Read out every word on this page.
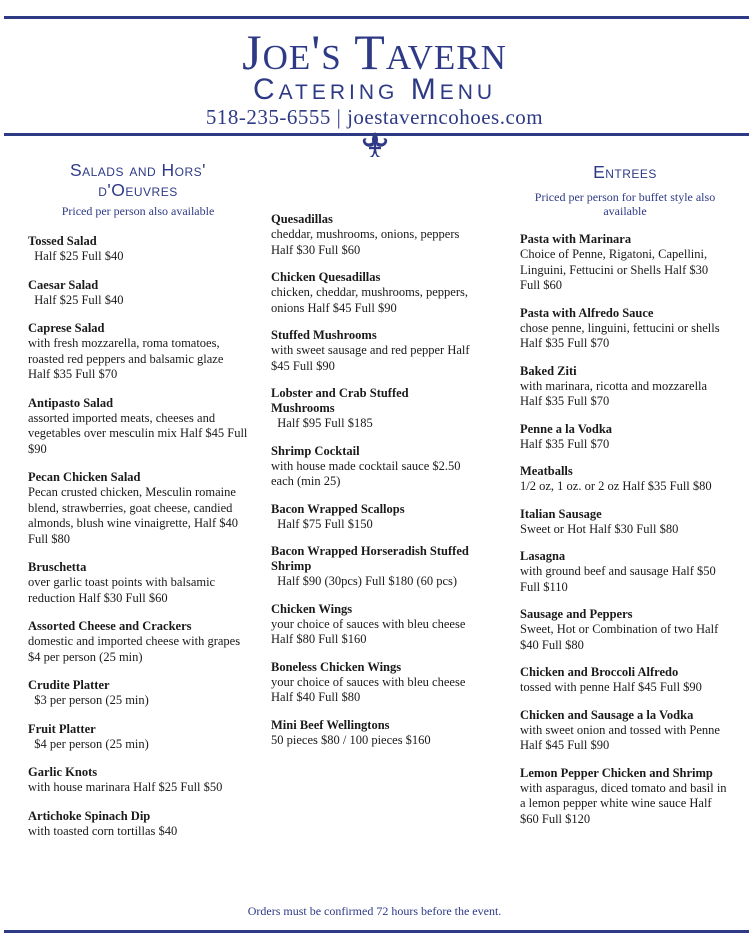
Joe's Tavern
Catering Menu
518-235-6555 | joestaverncohoes.com
Salads and Hors' d'Oeuvres
Priced per person also available
Tossed Salad
Half $25 Full $40
Caesar Salad
Half $25 Full $40
Caprese Salad
with fresh mozzarella, roma tomatoes, roasted red peppers and balsamic glaze Half $35 Full $70
Antipasto Salad
assorted imported meats, cheeses and vegetables over mesculin mix Half $45 Full $90
Pecan Chicken Salad
Pecan crusted chicken, Mesculin romaine blend, strawberries, goat cheese, candied almonds, blush wine vinaigrette, Half $40 Full $80
Bruschetta
over garlic toast points with balsamic reduction Half $30 Full $60
Assorted Cheese and Crackers
domestic and imported cheese with grapes $4 per person (25 min)
Crudite Platter
$3 per person (25 min)
Fruit Platter
$4 per person (25 min)
Garlic Knots
with house marinara Half $25 Full $50
Artichoke Spinach Dip
with toasted corn tortillas $40
Quesadillas
cheddar, mushrooms, onions, peppers Half $30 Full $60
Chicken Quesadillas
chicken, cheddar, mushrooms, peppers, onions Half $45 Full $90
Stuffed Mushrooms
with sweet sausage and red pepper Half $45 Full $90
Lobster and Crab Stuffed Mushrooms
Half $95 Full $185
Shrimp Cocktail
with house made cocktail sauce $2.50 each (min 25)
Bacon Wrapped Scallops
Half $75 Full $150
Bacon Wrapped Horseradish Stuffed Shrimp
Half $90 (30pcs) Full $180 (60 pcs)
Chicken Wings
your choice of sauces with bleu cheese Half $80 Full $160
Boneless Chicken Wings
your choice of sauces with bleu cheese Half $40 Full $80
Mini Beef Wellingtons
50 pieces $80 / 100 pieces $160
Entrees
Priced per person for buffet style also available
Pasta with Marinara
Choice of Penne, Rigatoni, Capellini, Linguini, Fettucini or Shells Half $30 Full $60
Pasta with Alfredo Sauce
chose penne, linguini, fettucini or shells Half $35 Full $70
Baked Ziti
with marinara, ricotta and mozzarella Half $35 Full $70
Penne a la Vodka
Half $35 Full $70
Meatballs
1/2 oz, 1 oz. or 2 oz Half $35 Full $80
Italian Sausage
Sweet or Hot Half $30 Full $80
Lasagna
with ground beef and sausage Half $50 Full $110
Sausage and Peppers
Sweet, Hot or Combination of two Half $40 Full $80
Chicken and Broccoli Alfredo
tossed with penne Half $45 Full $90
Chicken and Sausage a la Vodka
with sweet onion and tossed with Penne Half $45 Full $90
Lemon Pepper Chicken and Shrimp
with asparagus, diced tomato and basil in a lemon pepper white wine sauce Half $60 Full $120
Orders must be confirmed 72 hours before the event.
